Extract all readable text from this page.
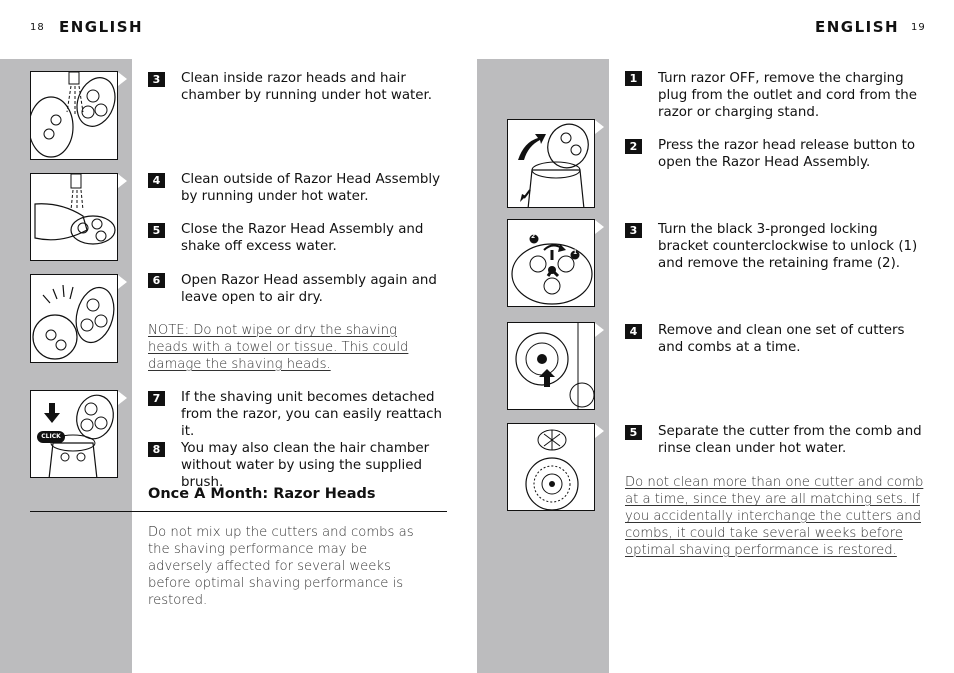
18 ENGLISH
3	Clean inside razor heads and hair chamber by running under hot water.
4	Clean outside of Razor Head Assembly by running under hot water.
5	Close the Razor Head Assembly and shake off excess water.
6	Open Razor Head assembly again and leave open to air dry.
NOTE: Do not wipe or dry the shaving heads with a towel or tissue. This could damage the shaving heads.
CLICK
7	If the shaving unit becomes detached from the razor, you can easily reattach it.
8	You may also clean the hair chamber without water by using the supplied brush.
Once A Month: Razor Heads
Do not mix up the cutters and combs as the shaving performance may be adversely affected for several weeks before optimal shaving performance is restored.
ENGLISH 19
1	Turn razor OFF, remove the charging plug from the outlet and cord from the razor or charging stand.
2	Press the razor head release button to open the Razor Head Assembly.
2
1
3	Turn the black 3-pronged locking bracket counterclockwise to unlock (1) and remove the retaining frame (2).
4	Remove and clean one set of cutters and combs at a time.
5	Separate the cutter from the comb and rinse clean under hot water.
Do not clean more than one cutter and comb at a time, since they are all matching sets. If you accidentally interchange the cutters and combs, it could take several weeks before optimal shaving performance is restored.
